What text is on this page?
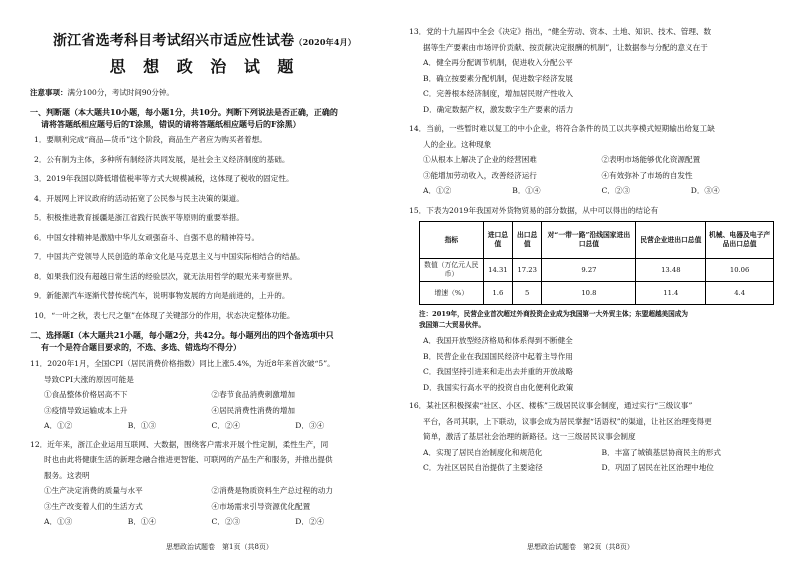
浙江省选考科目考试绍兴市适应性试卷（2020年4月）
思 想 政 治 试 题
注意事项：满分100分，考试时间90分钟。
一、判断题（本大题共10小题，每小题1分，共10分。判断下列说法是否正确，正确的
请将答题纸相应题号后的T涂黑，错误的请将答题纸相应题号后的F涂黑）
1．要顺利完成“商品—货币”这个阶段，商品生产者应为购买者着想。
2．公有制为主体，多种所有制经济共同发展，是社会主义经济制度的基础。
3．2019年我国以降低增值税率等方式大规模减税，这体现了税收的固定性。
4．开展网上评议政府的活动拓宽了公民参与民主决策的渠道。
5．积极推进教育援疆是浙江省践行民族平等原则的重要举措。
6．中国女排精神是激励中华儿女顽强奋斗、自强不息的精神符号。
7．中国共产党领导人民创造的革命文化是马克思主义与中国实际相结合的结晶。
8．如果我们没有超越日常生活的经验层次，就无法用哲学的眼光来考察世界。
9．新能源汽车逐渐代替传统汽车，说明事物发展的方向是前进的，上升的。
10．“一叶之秋，表七尺之躯”在体现了关键部分的作用，状态决定整体功能。
二、选择题Ⅰ（本大题共21小题，每小题2分，共42分。每小题列出的四个备选项中只
有一个是符合题目要求的，不选、多选、错选均不得分）
11．2020年1月，全国CPI（居民消费价格指数）同比上涨5.4%，为近8年来首次破“5”。
导致CPI大涨的原因可能是
①食品整体价格居高不下	②春节食品消费刺激增加
③疫情导致运输成本上升	④居民消费性消费的增加
A．①②	B．①③	C．②④	D．③④
12．近年来，浙江企业运用互联网、大数据，围绕客户需求开展个性定制，柔性生产，同
时也由此将健康生活的新理念融合推进更智能、可联网的产品生产和服务，并推出提供
服务。这表明
①生产决定消费的质量与水平	②消费是物质资料生产总过程的动力
③生产改变着人们的生活方式	④市场需求引导资源优化配置
A．①③	B．①④	C．②③	D．②④
思想政治试题卷　第1页（共8页）
13．党的十九届四中全会《决定》指出，“健全劳动、资本、土地、知识、技术、管理、数
据等生产要素由市场评价贡献、按贡献决定报酬的机制”，让数据参与分配的意义在于
A．健全再分配调节机制，促进收入分配公平
B．确立按要素分配机制，促进数字经济发展
C．完善根本经济制度，增加居民财产性收入
D．确定数据产权，激发数字生产要素的活力
14．当前，一些暂时难以复工的中小企业，将符合条件的员工以共享模式短期输出给复工缺
人的企业。这种现象
①从根本上解决了企业的经营困难	②表明市场能够优化资源配置
③能增加劳动收入，改善经济运行	④有效弥补了市场的自发性
A．①②	B．①④	C．②③	D．③④
15．下表为2019年我国对外货物贸易的部分数据，从中可以得出的结论有
指标	进口总值	出口总值	对“一带一路”沿线国家进出口总值	民营企业进出口总值	机械、电器及电子产品出口总值
数值（万亿元人民币）	14.31	17.23	9.27	13.48	10.06
增速（%）	1.6	5	10.8	11.4	4.4
注：2019年，民营企业首次超过外商投资企业成为我国第一大外贸主体；东盟超越美国成为
我国第二大贸易伙伴。
A．我国开放型经济格局和体系得到不断健全
B．民营企业在我国国民经济中起着主导作用
C．我国坚持引进来和走出去并重的开放战略
D．我国实行高水平的投资自由化便利化政策
16．某社区积极探索“社区、小区、楼栋”三级居民议事会制度，通过实行“三级议事”
平台，各司其职，上下联动，议事会成为居民掌握“话语权”的渠道，让社区治理变得更
简单，激活了基层社会治理的新路径。这一三级居民议事会制度
A．实现了居民自治制度化和规范化	B．丰富了城镇基层协商民主的形式
C．为社区居民自治提供了主要途径	D．巩固了居民在社区治理中地位
思想政治试题卷　第2页（共8页）
